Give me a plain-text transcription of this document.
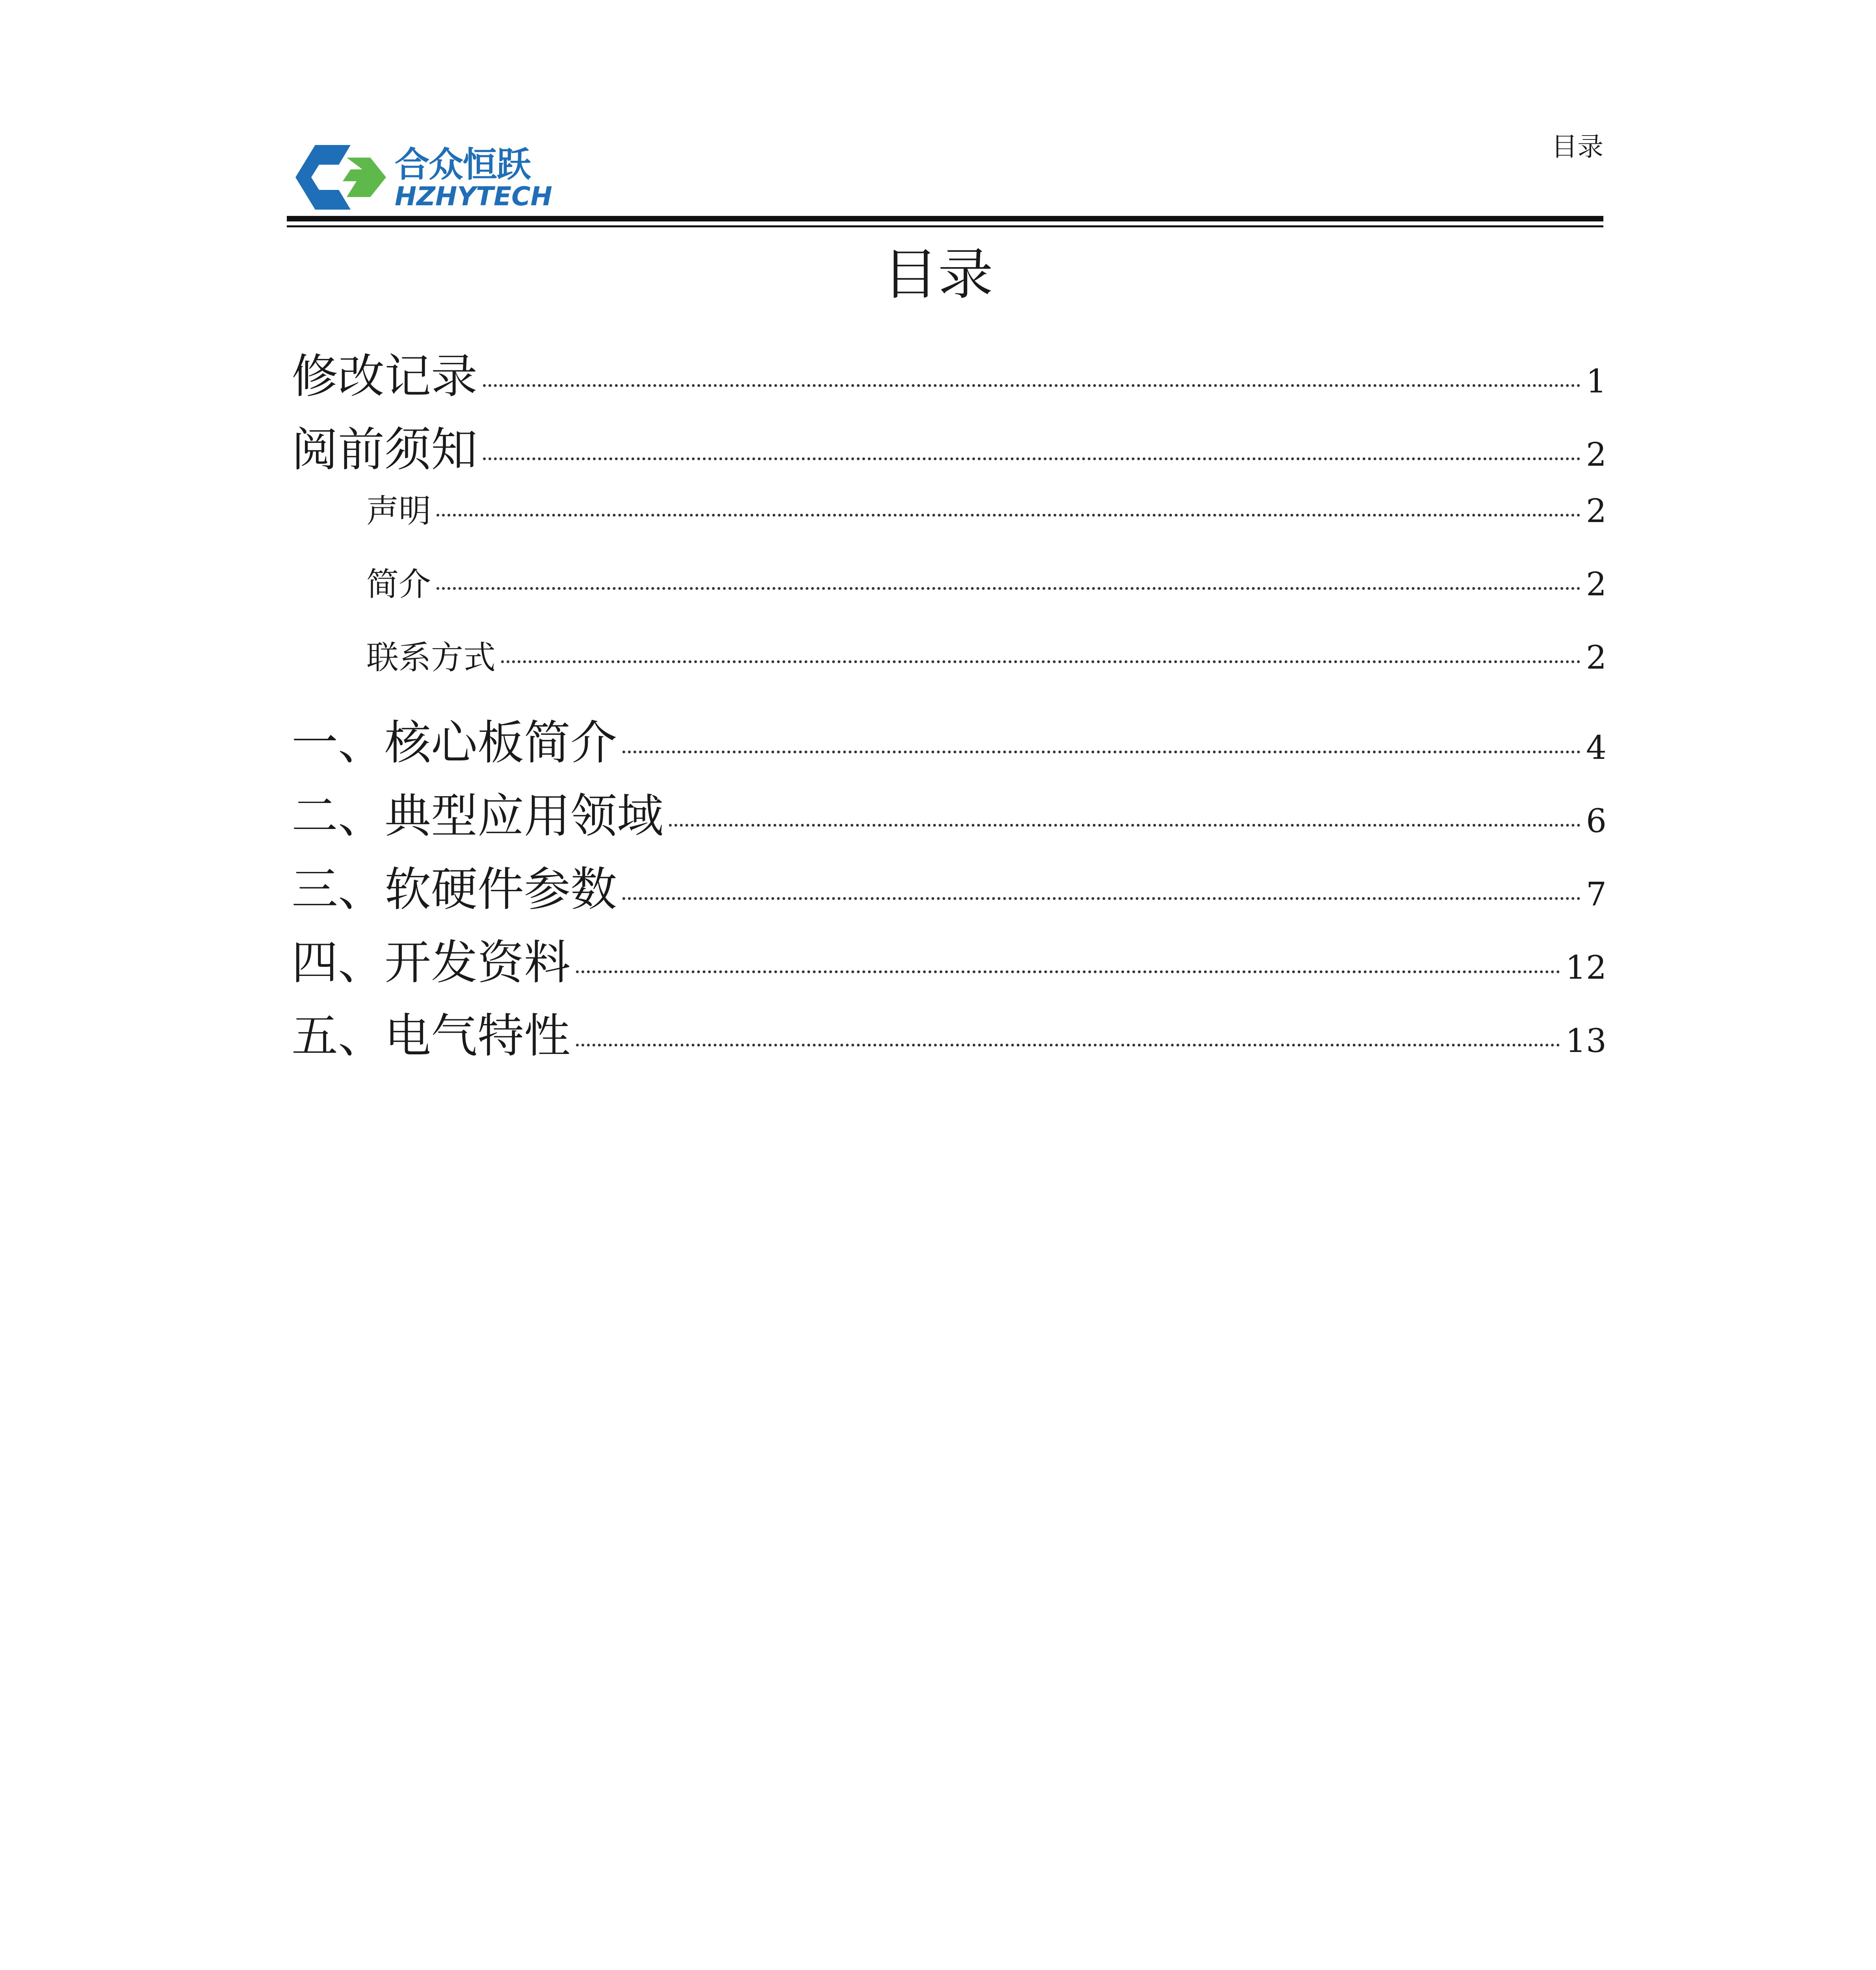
合众恒跃
HZHYTECH
目录
目录
修改记录	1
阅前须知	2
声明	2
简介	2
联系方式	2
一、核心板简介	4
二、典型应用领域	6
三、软硬件参数	7
四、开发资料	12
五、电气特性	13
